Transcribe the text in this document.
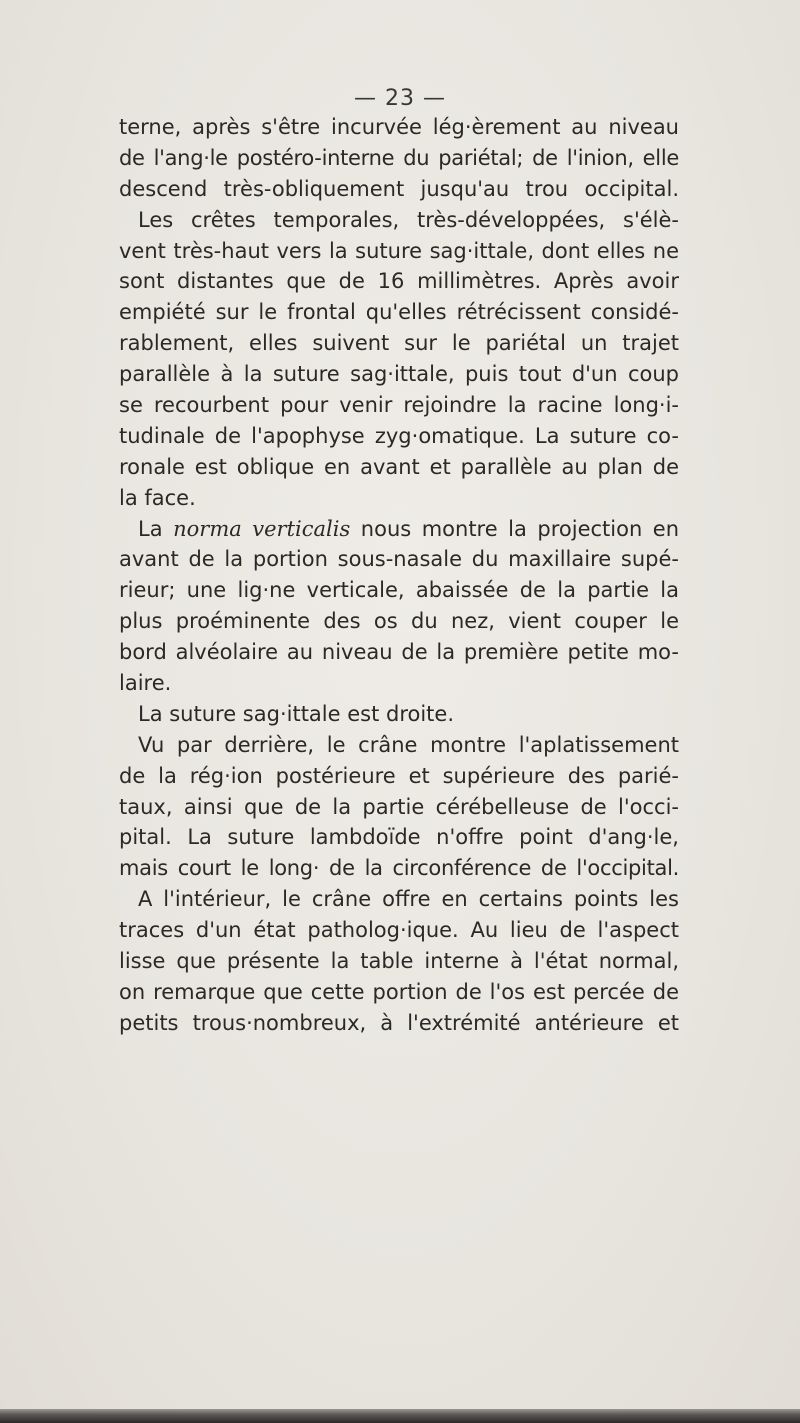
— 23 —
terne, après s'être incurvée lég·èrement au niveau
de l'ang·le postéro-interne du pariétal; de l'inion, elle
descend très-obliquement jusqu'au trou occipital.
Les crêtes temporales, très-développées, s'élè-
vent très-haut vers la suture sag·ittale, dont elles ne
sont distantes que de 16 millimètres. Après avoir
empiété sur le frontal qu'elles rétrécissent considé-
rablement, elles suivent sur le pariétal un trajet
parallèle à la suture sag·ittale, puis tout d'un coup
se recourbent pour venir rejoindre la racine long·i-
tudinale de l'apophyse zyg·omatique. La suture co-
ronale est oblique en avant et parallèle au plan de
la face.
La norma verticalis nous montre la projection en
avant de la portion sous-nasale du maxillaire supé-
rieur; une lig·ne verticale, abaissée de la partie la
plus proéminente des os du nez, vient couper le
bord alvéolaire au niveau de la première petite mo-
laire.
La suture sag·ittale est droite.
Vu par derrière, le crâne montre l'aplatissement
de la rég·ion postérieure et supérieure des parié-
taux, ainsi que de la partie cérébelleuse de l'occi-
pital. La suture lambdoïde n'offre point d'ang·le,
mais court le long· de la circonférence de l'occipital.
A l'intérieur, le crâne offre en certains points les
traces d'un état patholog·ique. Au lieu de l'aspect
lisse que présente la table interne à l'état normal,
on remarque que cette portion de l'os est percée de
petits trous·nombreux, à l'extrémité antérieure et
